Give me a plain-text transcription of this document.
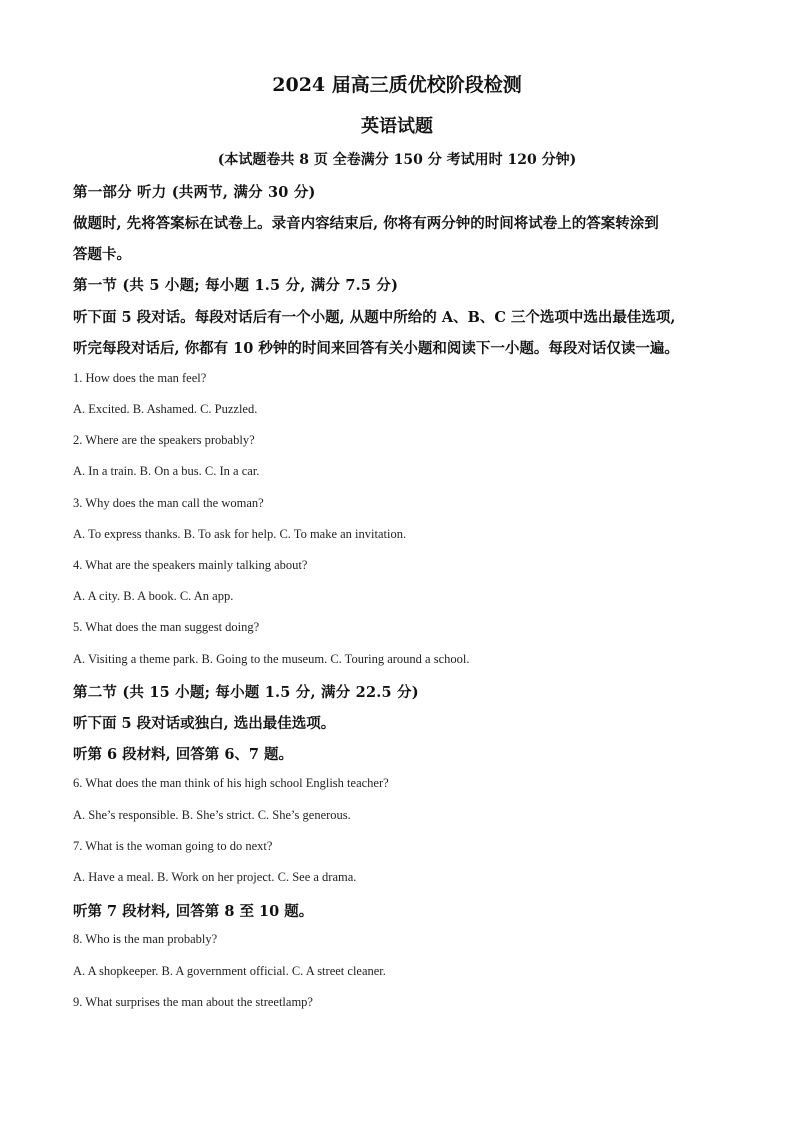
2024 届高三质优校阶段检测
英语试题

(本试题卷共 8 页 全卷满分 150 分 考试用时 120 分钟)

第一部分 听力 (共两节, 满分 30 分)

做题时, 先将答案标在试卷上。录音内容结束后, 你将有两分钟的时间将试卷上的答案转涂到

答题卡。

第一节 (共 5 小题; 每小题 1.5 分, 满分 7.5 分)

听下面 5 段对话。每段对话后有一个小题, 从题中所给的 A、B、C 三个选项中选出最佳选项,

听完每段对话后, 你都有 10 秒钟的时间来回答有关小题和阅读下一小题。每段对话仅读一遍。

1. How does the man feel?

A. Excited. B. Ashamed. C. Puzzled.

2. Where are the speakers probably?

A. In a train. B. On a bus. C. In a car.

3. Why does the man call the woman?

A. To express thanks. B. To ask for help. C. To make an invitation.

4. What are the speakers mainly talking about?

A. A city. B. A book. C. An app.

5. What does the man suggest doing?

A. Visiting a theme park. B. Going to the museum. C. Touring around a school.

第二节 (共 15 小题; 每小题 1.5 分, 满分 22.5 分)

听下面 5 段对话或独白, 选出最佳选项。

听第 6 段材料, 回答第 6、7 题。

6. What does the man think of his high school English teacher?

A. She’s responsible. B. She’s strict. C. She’s generous.

7. What is the woman going to do next?

A. Have a meal. B. Work on her project. C. See a drama.

听第 7 段材料, 回答第 8 至 10 题。

8. Who is the man probably?

A. A shopkeeper. B. A government official. C. A street cleaner.

9. What surprises the man about the streetlamp?
